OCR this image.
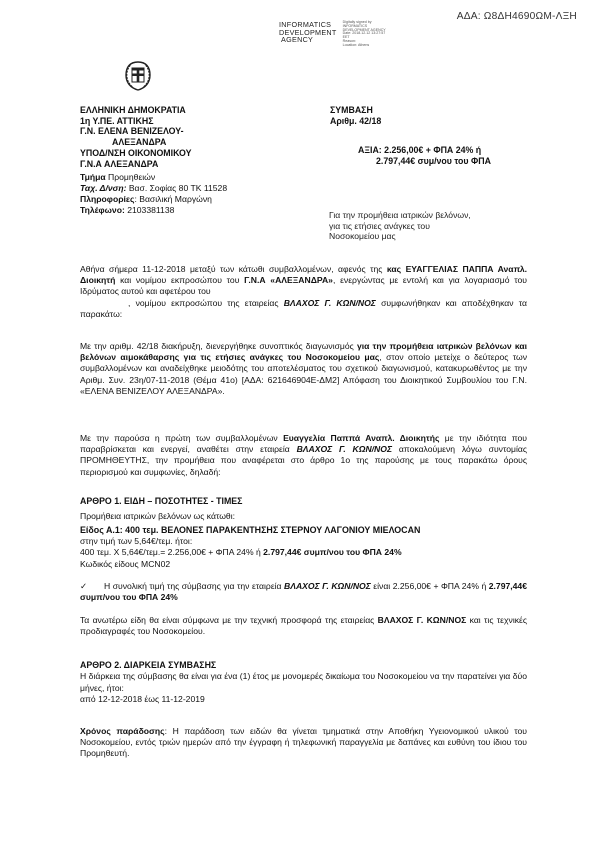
ΑΔΑ: Ω8ΔΗ4690ΩΜ-ΛΞΗ
INFORMATICS
DEVELOPMENT
AGENCY
Digitally signed by
INFORMATICS
DEVELOPMENT AGENCY
Date: 2018.12.12 13:27:57
EET
Reason:
Location: Athens
ΕΛΛΗΝΙΚΗ ΔΗΜΟΚΡΑΤΙΑ
1η Υ.ΠΕ. ΑΤΤΙΚΗΣ
Γ.Ν. ΕΛΕΝΑ ΒΕΝΙΖΕΛΟΥ-
ΑΛΕΞΑΝΔΡΑ
ΥΠΟΔ/ΝΣΗ ΟΙΚΟΝΟΜΙΚΟΥ
Γ.Ν.Α ΑΛΕΞΑΝΔΡΑ
ΣΥΜΒΑΣΗ
Αριθμ. 42/18
ΑΞΙΑ: 2.256,00€ + ΦΠΑ 24% ή
2.797,44€ συμ/νου του ΦΠΑ
Τμήμα Προμηθειών
Ταχ. Δ/νση: Βασ. Σοφίας 80 ΤΚ 11528
Πληροφορίες: Βασιλική Μαργώνη
Τηλέφωνο: 2103381138	Για την προμήθεια ιατρικών βελόνων,
για τις ετήσιες ανάγκες του
Νοσοκομείου μας
Αθήνα σήμερα 11-12-2018 μεταξύ των κάτωθι συμβαλλομένων, αφενός της κας ΕΥΑΓΓΕΛΙΑΣ ΠΑΠΠΑ Αναπλ. Διοικητή και νομίμου εκπροσώπου του Γ.Ν.Α «ΑΛΕΞΑΝΔΡΑ», ενεργώντας με εντολή και για λογαριασμό του Ιδρύματος αυτού και αφετέρου του
, νομίμου εκπροσώπου της εταιρείας ΒΛΑΧΟΣ Γ. ΚΩΝ/ΝΟΣ συμφωνήθηκαν και αποδέχθηκαν τα παρακάτω:
Με την αριθμ. 42/18 διακήρυξη, διενεργήθηκε συνοπτικός διαγωνισμός για την προμήθεια ιατρικών βελόνων και βελόνων αιμοκάθαρσης για τις ετήσιες ανάγκες του Νοσοκομείου μας, στον οποίο μετείχε ο δεύτερος των συμβαλλομένων και αναδείχθηκε μειοδότης του αποτελέσματος του σχετικού διαγωνισμού, κατακυρωθέντος με την Αριθμ. Συν. 23η/07-11-2018 (Θέμα 41ο) [ΑΔΑ: 621646904Ε-ΔΜ2] Απόφαση του Διοικητικού Συμβουλίου του Γ.Ν. «ΕΛΕΝΑ ΒΕΝΙΖΕΛΟΥ ΑΛΕΞΑΝΔΡΑ».
Με την παρούσα η πρώτη των συμβαλλομένων Ευαγγελία Παππά Αναπλ. Διοικητής με την ιδιότητα που παραβρίσκεται και ενεργεί, αναθέτει στην εταιρεία ΒΛΑΧΟΣ Γ. ΚΩΝ/ΝΟΣ αποκαλούμενη λόγω συντομίας ΠΡΟΜΗΘΕΥΤΗΣ, την προμήθεια που αναφέρεται στο άρθρο 1ο της παρούσης με τους παρακάτω όρους περιορισμού και συμφωνίες, δηλαδή:
ΑΡΘΡΟ 1. ΕΙΔΗ – ΠΟΣΟΤΗΤΕΣ - ΤΙΜΕΣ
Προμήθεια ιατρικών βελόνων ως κάτωθι:
Είδος Α.1: 400 τεμ. ΒΕΛΟΝΕΣ ΠΑΡΑΚΕΝΤΗΣΗΣ ΣΤΕΡΝΟΥ ΛΑΓΟΝΙΟΥ ΜΙΕΛΟCAN
στην τιμή των 5,64€/τεμ. ήτοι:
400 τεμ. Χ 5,64€/τεμ.= 2.256,00€ + ΦΠΑ 24% ή 2.797,44€ συμπ/νου του ΦΠΑ 24%
Κωδικός είδους ΜCN02
✓ Η συνολική τιμή της σύμβασης για την εταιρεία ΒΛΑΧΟΣ Γ. ΚΩΝ/ΝΟΣ είναι 2.256,00€ + ΦΠΑ 24% ή 2.797,44€ συμπ/νου του ΦΠΑ 24%
Τα ανωτέρω είδη θα είναι σύμφωνα με την τεχνική προσφορά της εταιρείας ΒΛΑΧΟΣ Γ. ΚΩΝ/ΝΟΣ και τις τεχνικές προδιαγραφές του Νοσοκομείου.
ΑΡΘΡΟ 2. ΔΙΑΡΚΕΙΑ ΣΥΜΒΑΣΗΣ
Η διάρκεια της σύμβασης θα είναι για ένα (1) έτος με μονομερές δικαίωμα του Νοσοκομείου να την παρατείνει για δύο μήνες, ήτοι:
από 12-12-2018 έως 11-12-2019
Χρόνος παράδοσης: Η παράδοση των ειδών θα γίνεται τμηματικά στην Αποθήκη Υγειονομικού υλικού του Νοσοκομείου, εντός τριών ημερών από την έγγραφη ή τηλεφωνική παραγγελία με δαπάνες και ευθύνη του ίδιου του Προμηθευτή.
